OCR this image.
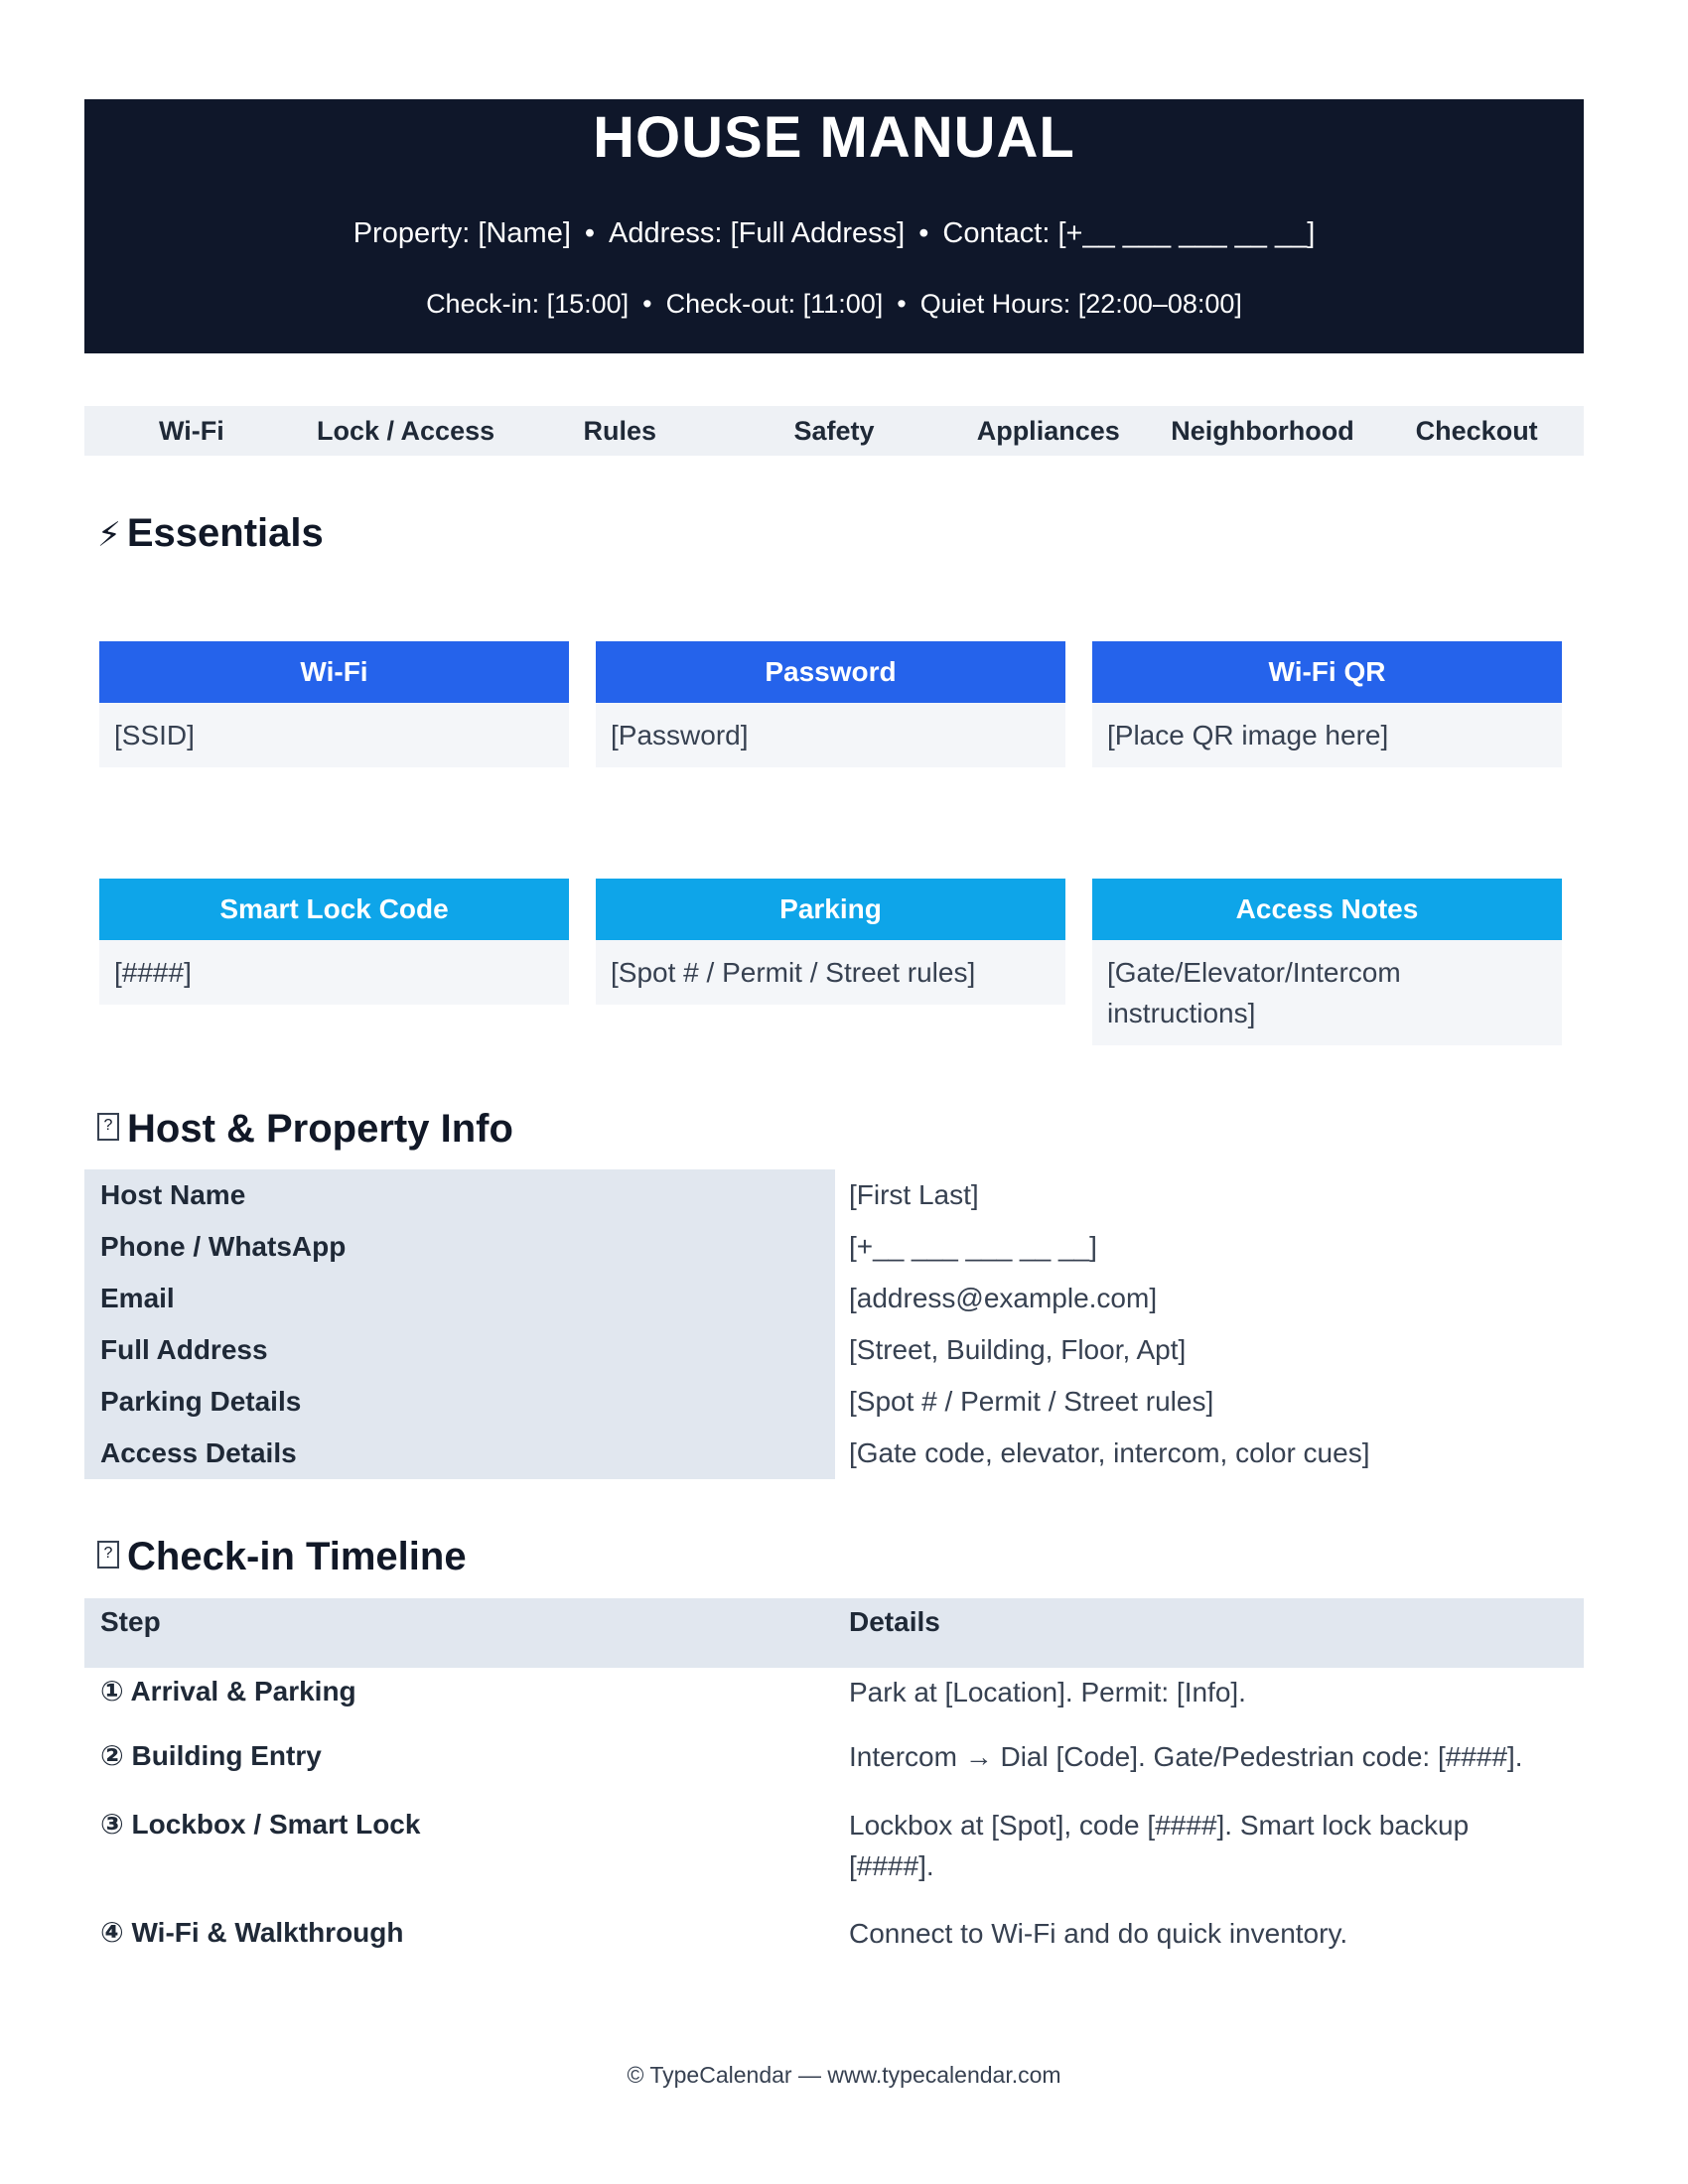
HOUSE MANUAL
Property: [Name] • Address: [Full Address] • Contact: [+__ ___ ___ __ __]
Check-in: [15:00] • Check-out: [11:00] • Quiet Hours: [22:00–08:00]
Wi-Fi	Lock / Access	Rules	Safety	Appliances	Neighborhood	Checkout
⚡ Essentials
Wi-Fi
[SSID]
Password
[Password]
Wi-Fi QR
[Place QR image here]
Smart Lock Code
[####]
Parking
[Spot # / Permit / Street rules]
Access Notes
[Gate/Elevator/Intercom instructions]
? Host & Property Info
Host Name	[First Last]
Phone / WhatsApp	[+__ ___ ___ __ __]
Email	[address@example.com]
Full Address	[Street, Building, Floor, Apt]
Parking Details	[Spot # / Permit / Street rules]
Access Details	[Gate code, elevator, intercom, color cues]
? Check-in Timeline
Step	Details
① Arrival & Parking	Park at [Location]. Permit: [Info].
② Building Entry	Intercom → Dial [Code]. Gate/Pedestrian code: [####].
③ Lockbox / Smart Lock	Lockbox at [Spot], code [####]. Smart lock backup [####].
④ Wi-Fi & Walkthrough	Connect to Wi-Fi and do quick inventory.
© TypeCalendar — www.typecalendar.com
